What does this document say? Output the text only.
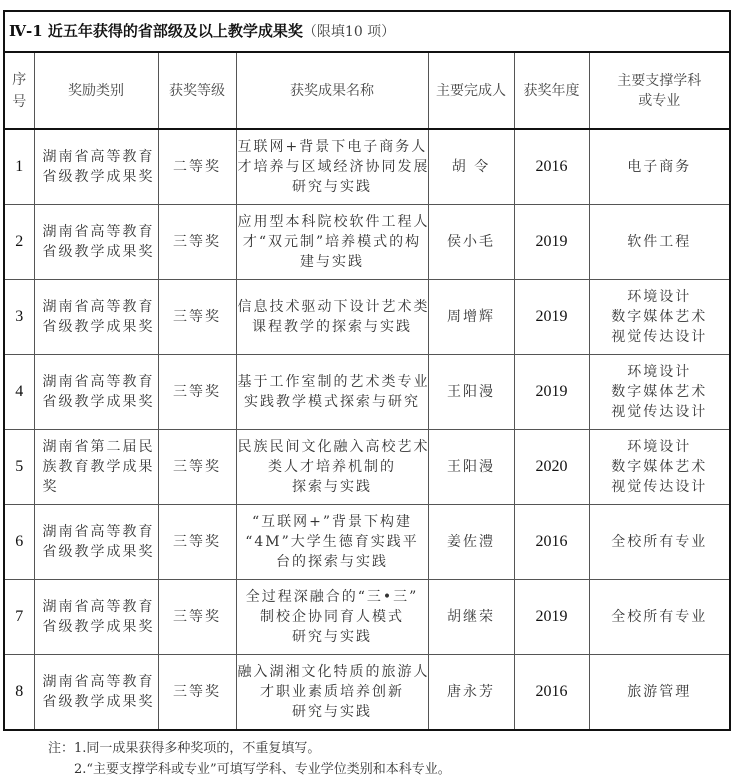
Ⅳ-1 近五年获得的省部级及以上教学成果奖（限填10 项）						

序
号	奖励类别	获奖等级	获奖成果名称	主要完成人	获奖年度	主要支撑学科
或专业

1	湖南省高等教育
省级教学成果奖	二等奖	互联网+背景下电子商务人
才培养与区域经济协同发展
研究与实践	胡 令	2016	电子商务

2	湖南省高等教育
省级教学成果奖	三等奖	应用型本科院校软件工程人
才“双元制”培养模式的构
建与实践	侯小毛	2019	软件工程

3	湖南省高等教育
省级教学成果奖	三等奖	信息技术驱动下设计艺术类
课程教学的探索与实践	周增辉	2019	环境设计
数字媒体艺术
视觉传达设计

4	湖南省高等教育
省级教学成果奖	三等奖	基于工作室制的艺术类专业
实践教学模式探索与研究	王阳漫	2019	环境设计
数字媒体艺术
视觉传达设计

5	湖南省第二届民
族教育教学成果
奖	三等奖	民族民间文化融入高校艺术
类人才培养机制的
探索与实践	王阳漫	2020	环境设计
数字媒体艺术
视觉传达设计

6	湖南省高等教育
省级教学成果奖	三等奖	“互联网+”背景下构建
“4M”大学生德育实践平
台的探索与实践	姜佐澧	2016	全校所有专业

7	湖南省高等教育
省级教学成果奖	三等奖	全过程深融合的“三•三”
制校企协同育人模式
研究与实践	胡继荣	2019	全校所有专业

8	湖南省高等教育
省级教学成果奖	三等奖	融入湖湘文化特质的旅游人
才职业素质培养创新
研究与实践	唐永芳	2016	旅游管理
注：1.同一成果获得多种奖项的，不重复填写。
2.“主要支撑学科或专业”可填写学科、专业学位类别和本科专业。
